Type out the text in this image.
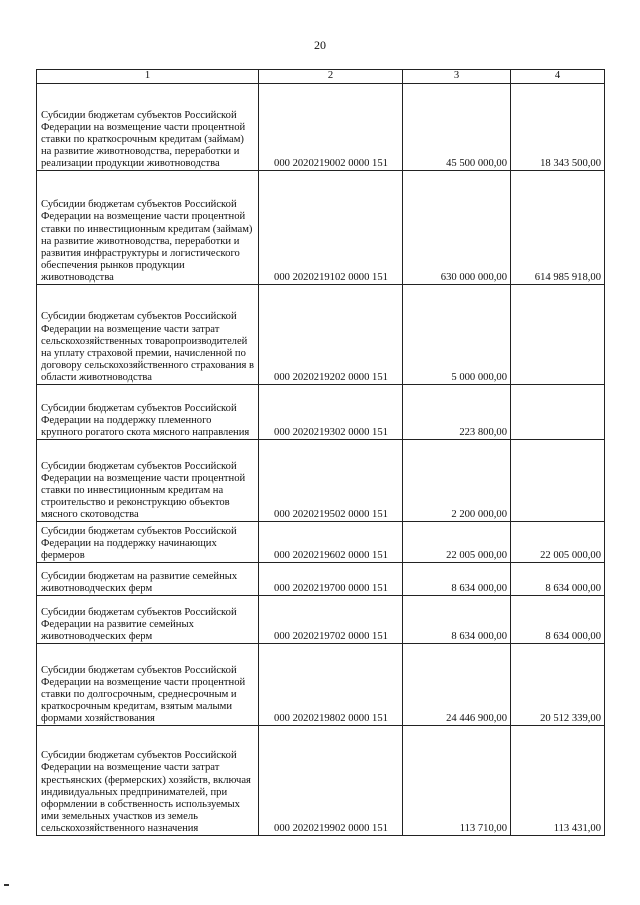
20
1	2	3	4
Субсидии бюджетам субъектов Российской Федерации на возмещение части процентной ставки по краткосрочным кредитам (займам) на развитие животноводства, переработки и реализации продукции животноводства	000 2020219002 0000 151	45 500 000,00	18 343 500,00
Субсидии бюджетам субъектов Российской Федерации на возмещение части процентной ставки по инвестиционным кредитам (займам) на развитие животноводства, переработки и развития инфраструктуры и логистического обеспечения рынков продукции животноводства	000 2020219102 0000 151	630 000 000,00	614 985 918,00
Субсидии бюджетам субъектов Российской Федерации на возмещение части затрат сельскохозяйственных товаропроизводителей на уплату страховой премии, начисленной по договору сельскохозяйственного страхования в области животноводства	000 2020219202 0000 151	5 000 000,00	
Субсидии бюджетам субъектов Российской Федерации на поддержку племенного крупного рогатого скота мясного направления	000 2020219302 0000 151	223 800,00	
Субсидии бюджетам субъектов Российской Федерации на возмещение части процентной ставки по инвестиционным кредитам на строительство и реконструкцию объектов мясного скотоводства	000 2020219502 0000 151	2 200 000,00	
Субсидии бюджетам субъектов Российской Федерации на поддержку начинающих фермеров	000 2020219602 0000 151	22 005 000,00	22 005 000,00
Субсидии бюджетам на развитие семейных животноводческих ферм	000 2020219700 0000 151	8 634 000,00	8 634 000,00
Субсидии бюджетам субъектов Российской Федерации на развитие семейных животноводческих ферм	000 2020219702 0000 151	8 634 000,00	8 634 000,00
Субсидии бюджетам субъектов Российской Федерации на возмещение части процентной ставки по долгосрочным, среднесрочным и краткосрочным кредитам, взятым малыми формами хозяйствования	000 2020219802 0000 151	24 446 900,00	20 512 339,00
Субсидии бюджетам субъектов Российской Федерации на возмещение части затрат крестьянских (фермерских) хозяйств, включая индивидуальных предпринимателей, при оформлении в собственность используемых ими земельных участков из земель сельскохозяйственного назначения	000 2020219902 0000 151	113 710,00	113 431,00
